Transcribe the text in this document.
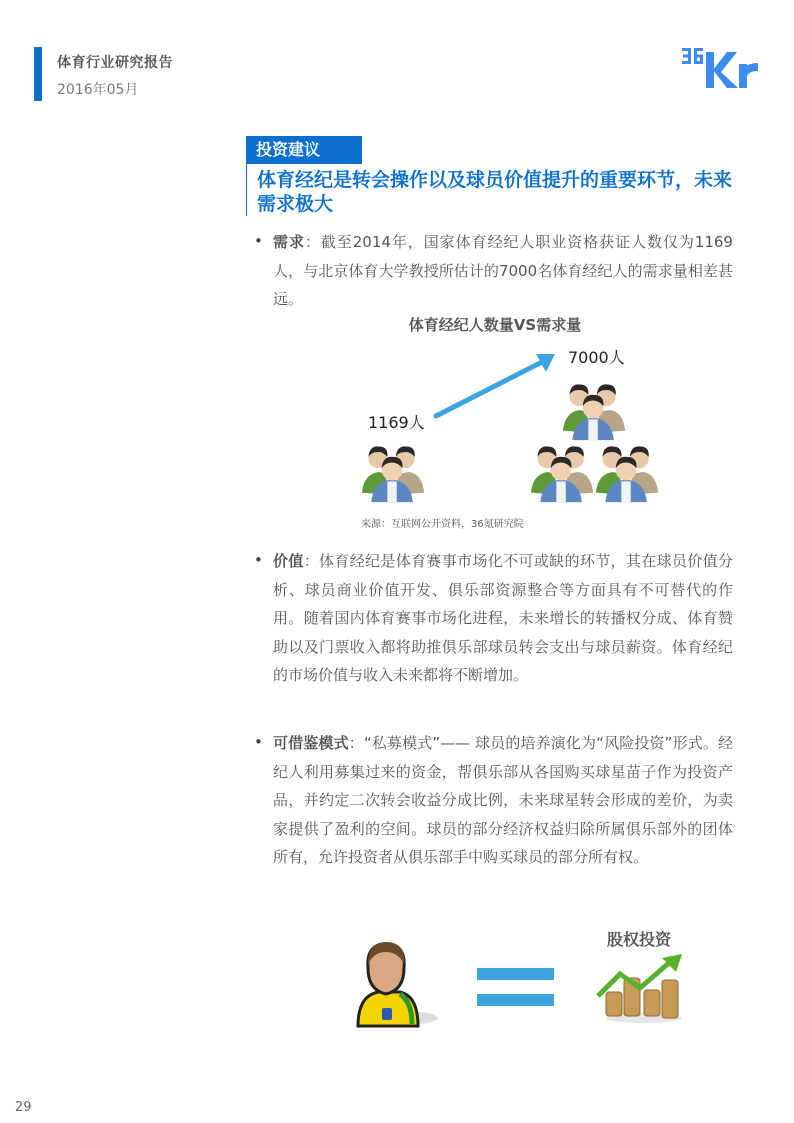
体育行业研究报告
2016年05月
投资建议
体育经纪是转会操作以及球员价值提升的重要环节，未来需求极大
• 需求：截至2014年，国家体育经纪人职业资格获证人数仅为1169人，与北京体育大学教授所估计的7000名体育经纪人的需求量相差甚远。
体育经纪人数量VS需求量
7000人
1169人
来源：互联网公开资料，36氪研究院
• 价值：体育经纪是体育赛事市场化不可或缺的环节，其在球员价值分析、球员商业价值开发、俱乐部资源整合等方面具有不可替代的作用。随着国内体育赛事市场化进程，未来增长的转播权分成、体育赞助以及门票收入都将助推俱乐部球员转会支出与球员薪资。体育经纪的市场价值与收入未来都将不断增加。
• 可借鉴模式：“私募模式”—— 球员的培养演化为“风险投资”形式。经纪人利用募集过来的资金，帮俱乐部从各国购买球星苗子作为投资产品，并约定二次转会收益分成比例，未来球星转会形成的差价，为卖家提供了盈利的空间。球员的部分经济权益归除所属俱乐部外的团体所有，允许投资者从俱乐部手中购买球员的部分所有权。
股权投资
29
